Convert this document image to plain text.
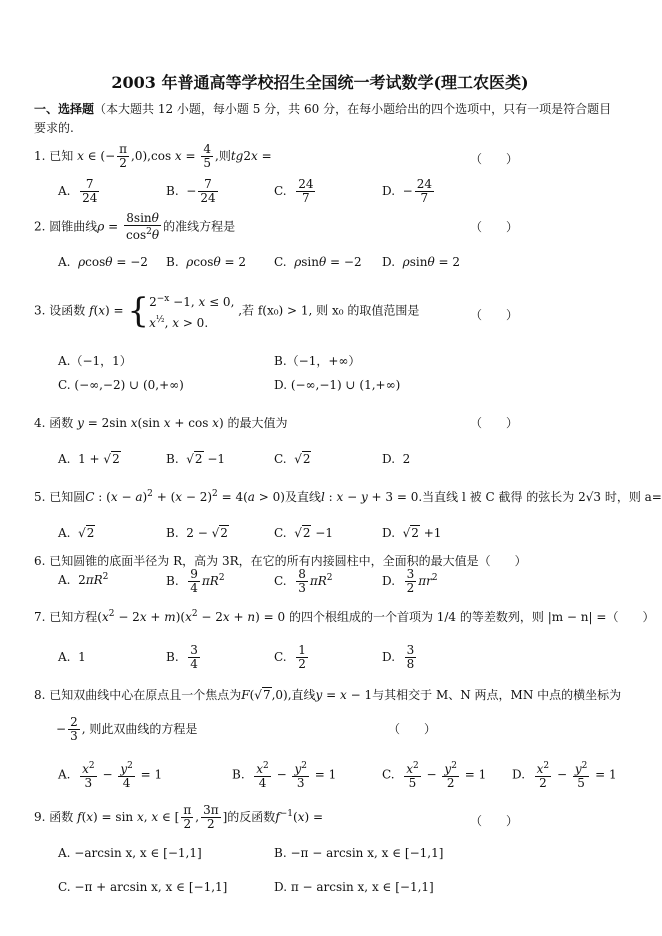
2003 年普通高等学校招生全国统一考试数学(理工农医类)
一、选择题（本大题共 12 小题，每小题 5 分，共 60 分，在每小题给出的四个选项中，只有一项是符合题目要求的.
1. 已知 x ∈ (− $\frac{\pi}{2} ,0),\cos$ $x = \frac{4}{5}$ ,则tg2x =	（　　）
A. $\frac{7}{24}$	B.  − $\frac{7}{24}$	C. $\frac{24}{7}$	D.  − $\frac{24}{7}$
2. 圆锥曲线$\rho = \frac{8\sin\theta}{\cos^2\theta}$ 的准线方程是	（　　）
A.  ρcosθ = −2 B.  ρcosθ = 2 C.  ρsinθ = −2 D.  ρsinθ = 2
3. 设函数 $f(x) = \{2^{-x} -1$, x ≤ 0,
$x^{\frac{1}{2}}$, x > 0. ,若 f(x₀) > 1, 则 x₀ 的取值范围是	（　　）
A.（−1，1）	B.（−1，+∞）
C. (−∞,−2) ∪ (0,+∞)	D. (−∞,−1) ∪ (1,+∞)
4. 函数 y = 2sin x(sin x + cos x) 的最大值为	（　　）
A.  1 + √2	B.  √2 −1	C.  √2	D.  2
5. 已知圆C : $(x - a)^2 + (x - 2)^2 = 4(a > 0)$及直线l : x − y + 3 = 0.当直线 l 被 C 截得 的弦长为 2√3 时，则 a=
A.  √2	B.  2 − √2	C.  √2 −1	D.  √2 +1
6. 已知圆锥的底面半径为 R，高为 3R，在它的所有内接圆柱中，全面积的最大值是（　　）
A.  $2\pi R^2$	B. $\frac{9}{4} \pi R^2$	C. $\frac{8}{3} \pi R^2$	D. $\frac{3}{2} \pi r^2$
7. 已知方程$(x^2 - 2x + m)(x^2 - 2x + n) = 0$ 的四个根组成的一个首项为 1/4 的等差数列，则 |m − n| =（　　）
A.  1	B. $\frac{3}{4}$	C. $\frac{1}{2}$	D. $\frac{3}{8}$
8. 已知双曲线中心在原点且一个焦点为F(√7,0),直线y = x − 1与其相交于 M、N 两点，MN 中点的横坐标为
− $\frac{2}{3}$ , 则此双曲线的方程是	（　　）
A. $\frac{x^2}{3} - \frac{y^2}{4} = 1$	B. $\frac{x^2}{4} - \frac{y^2}{3} = 1$	C. $\frac{x^2}{5} - \frac{y^2}{2} = 1$ D. $\frac{x^2}{2} - \frac{y^2}{5} = 1$
9. 函数 f(x) = sin x, x ∈ [ $\frac{\pi}{2}$ , $\frac{3\pi}{2}$ ]的反函数$f^{-1}(x)$ =	（　　）
A. −arcsin x, x ∈ [−1,1]	B. −π − arcsin x, x ∈ [−1,1]
C. −π + arcsin x, x ∈ [−1,1]	D. π − arcsin x, x ∈ [−1,1]
